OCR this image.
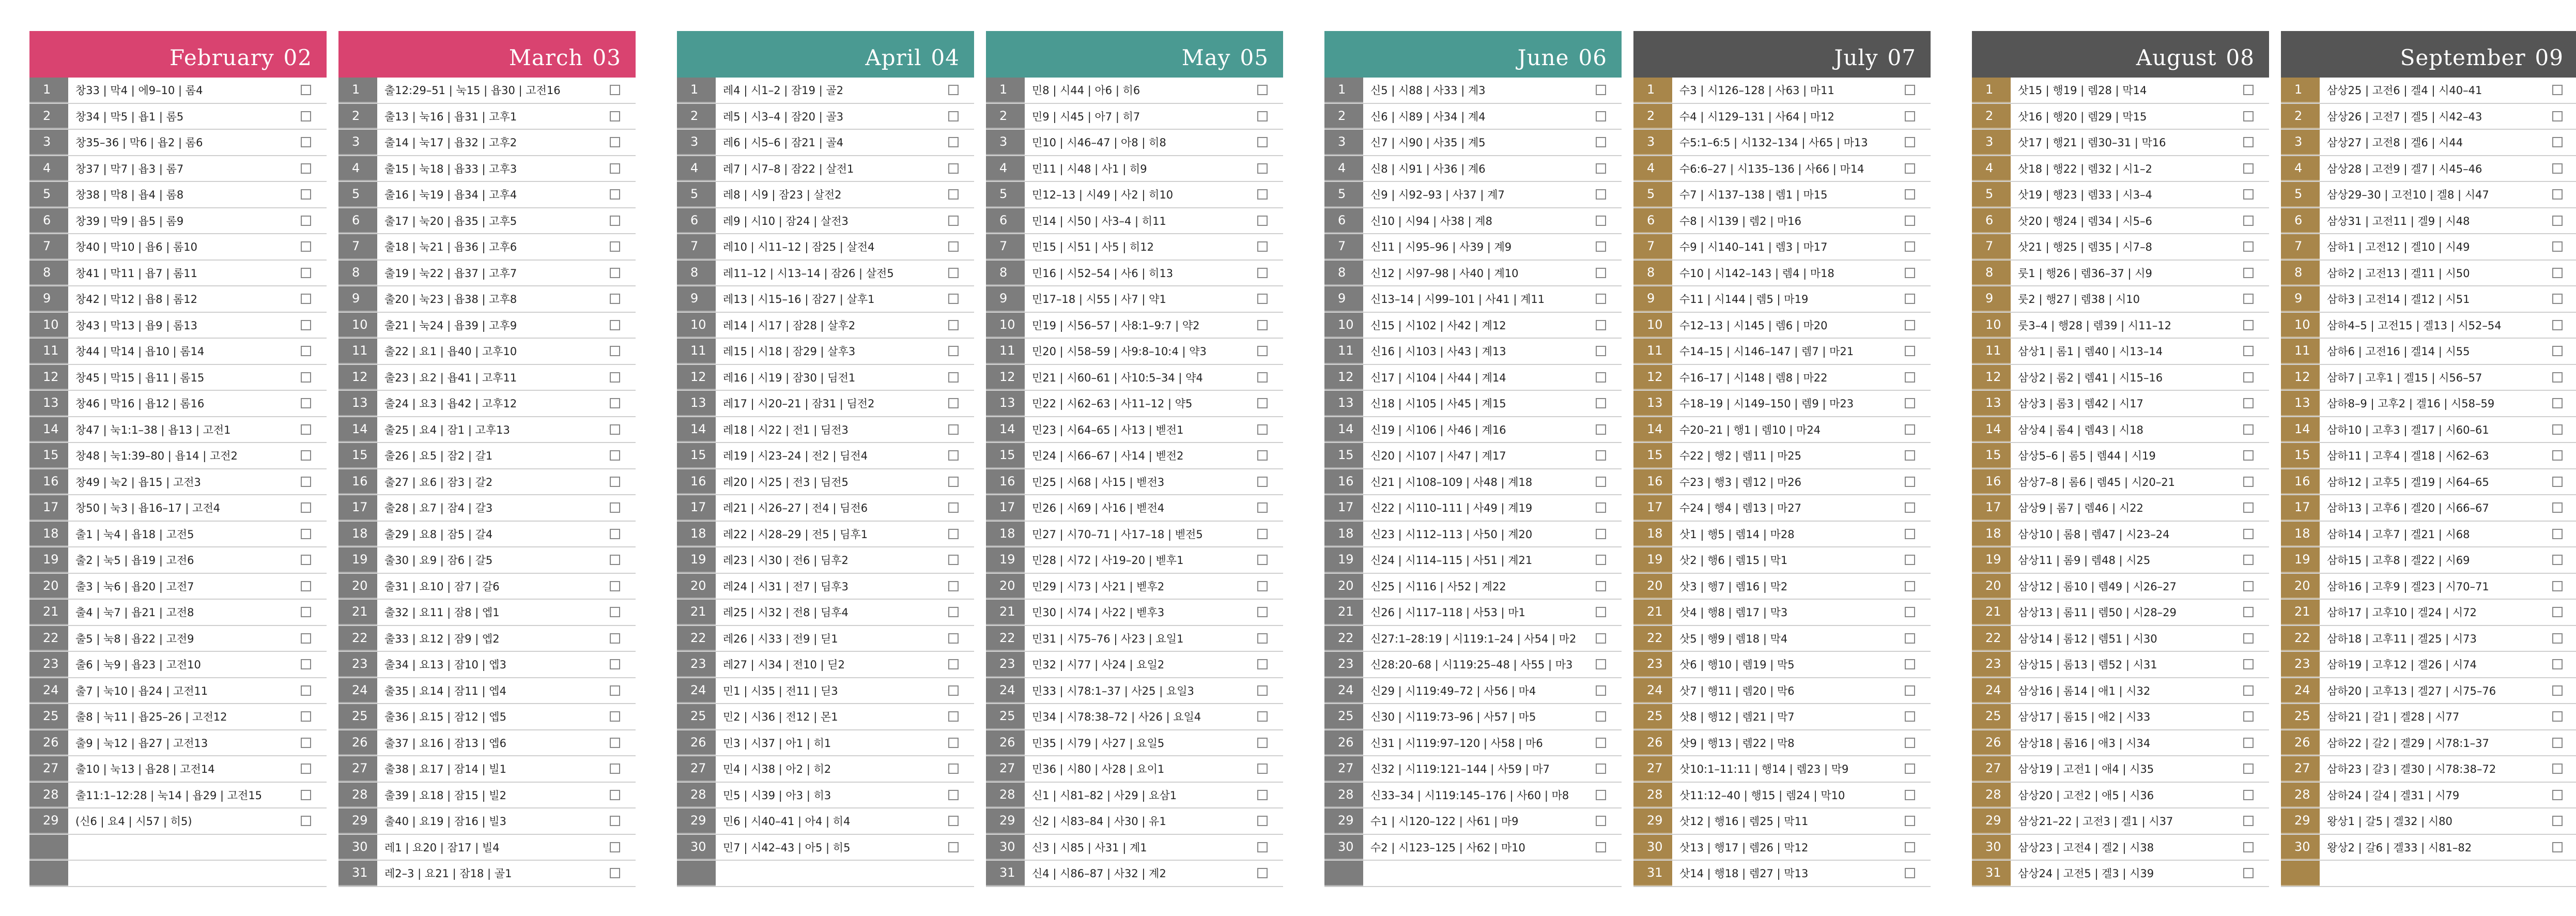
February 02
1	창33 | 막4 | 에9–10 | 롬4
2	창34 | 막5 | 욥1 | 롬5
3	창35–36 | 막6 | 욥2 | 롬6
4	창37 | 막7 | 욥3 | 롬7
5	창38 | 막8 | 욥4 | 롬8
6	창39 | 막9 | 욥5 | 롬9
7	창40 | 막10 | 욥6 | 롬10
8	창41 | 막11 | 욥7 | 롬11
9	창42 | 막12 | 욥8 | 롬12
10	창43 | 막13 | 욥9 | 롬13
11	창44 | 막14 | 욥10 | 롬14
12	창45 | 막15 | 욥11 | 롬15
13	창46 | 막16 | 욥12 | 롬16
14	창47 | 눅1:1–38 | 욥13 | 고전1
15	창48 | 눅1:39–80 | 욥14 | 고전2
16	창49 | 눅2 | 욥15 | 고전3
17	창50 | 눅3 | 욥16–17 | 고전4
18	출1 | 눅4 | 욥18 | 고전5
19	출2 | 눅5 | 욥19 | 고전6
20	출3 | 눅6 | 욥20 | 고전7
21	출4 | 눅7 | 욥21 | 고전8
22	출5 | 눅8 | 욥22 | 고전9
23	출6 | 눅9 | 욥23 | 고전10
24	출7 | 눅10 | 욥24 | 고전11
25	출8 | 눅11 | 욥25–26 | 고전12
26	출9 | 눅12 | 욥27 | 고전13
27	출10 | 눅13 | 욥28 | 고전14
28	출11:1–12:28 | 눅14 | 욥29 | 고전15
29	(신6 | 요4 | 시57 | 히5)
March 03
1	출12:29–51 | 눅15 | 욥30 | 고전16
2	출13 | 눅16 | 욥31 | 고후1
3	출14 | 눅17 | 욥32 | 고후2
4	출15 | 눅18 | 욥33 | 고후3
5	출16 | 눅19 | 욥34 | 고후4
6	출17 | 눅20 | 욥35 | 고후5
7	출18 | 눅21 | 욥36 | 고후6
8	출19 | 눅22 | 욥37 | 고후7
9	출20 | 눅23 | 욥38 | 고후8
10	출21 | 눅24 | 욥39 | 고후9
11	출22 | 요1 | 욥40 | 고후10
12	출23 | 요2 | 욥41 | 고후11
13	출24 | 요3 | 욥42 | 고후12
14	출25 | 요4 | 잠1 | 고후13
15	출26 | 요5 | 잠2 | 갈1
16	출27 | 요6 | 잠3 | 갈2
17	출28 | 요7 | 잠4 | 갈3
18	출29 | 요8 | 잠5 | 갈4
19	출30 | 요9 | 잠6 | 갈5
20	출31 | 요10 | 잠7 | 갈6
21	출32 | 요11 | 잠8 | 엡1
22	출33 | 요12 | 잠9 | 엡2
23	출34 | 요13 | 잠10 | 엡3
24	출35 | 요14 | 잠11 | 엡4
25	출36 | 요15 | 잠12 | 엡5
26	출37 | 요16 | 잠13 | 엡6
27	출38 | 요17 | 잠14 | 빌1
28	출39 | 요18 | 잠15 | 빌2
29	출40 | 요19 | 잠16 | 빌3
30	레1 | 요20 | 잠17 | 빌4
31	레2–3 | 요21 | 잠18 | 골1
April 04
1	레4 | 시1–2 | 잠19 | 골2
2	레5 | 시3–4 | 잠20 | 골3
3	레6 | 시5–6 | 잠21 | 골4
4	레7 | 시7–8 | 잠22 | 살전1
5	레8 | 시9 | 잠23 | 살전2
6	레9 | 시10 | 잠24 | 살전3
7	레10 | 시11–12 | 잠25 | 살전4
8	레11–12 | 시13–14 | 잠26 | 살전5
9	레13 | 시15–16 | 잠27 | 살후1
10	레14 | 시17 | 잠28 | 살후2
11	레15 | 시18 | 잠29 | 살후3
12	레16 | 시19 | 잠30 | 딤전1
13	레17 | 시20–21 | 잠31 | 딤전2
14	레18 | 시22 | 전1 | 딤전3
15	레19 | 시23–24 | 전2 | 딤전4
16	레20 | 시25 | 전3 | 딤전5
17	레21 | 시26–27 | 전4 | 딤전6
18	레22 | 시28–29 | 전5 | 딤후1
19	레23 | 시30 | 전6 | 딤후2
20	레24 | 시31 | 전7 | 딤후3
21	레25 | 시32 | 전8 | 딤후4
22	레26 | 시33 | 전9 | 딛1
23	레27 | 시34 | 전10 | 딛2
24	민1 | 시35 | 전11 | 딛3
25	민2 | 시36 | 전12 | 몬1
26	민3 | 시37 | 아1 | 히1
27	민4 | 시38 | 아2 | 히2
28	민5 | 시39 | 아3 | 히3
29	민6 | 시40–41 | 아4 | 히4
30	민7 | 시42–43 | 아5 | 히5
May 05
1	민8 | 시44 | 아6 | 히6
2	민9 | 시45 | 아7 | 히7
3	민10 | 시46–47 | 아8 | 히8
4	민11 | 시48 | 사1 | 히9
5	민12–13 | 시49 | 사2 | 히10
6	민14 | 시50 | 사3–4 | 히11
7	민15 | 시51 | 사5 | 히12
8	민16 | 시52–54 | 사6 | 히13
9	민17–18 | 시55 | 사7 | 약1
10	민19 | 시56–57 | 사8:1–9:7 | 약2
11	민20 | 시58–59 | 사9:8–10:4 | 약3
12	민21 | 시60–61 | 사10:5–34 | 약4
13	민22 | 시62–63 | 사11–12 | 약5
14	민23 | 시64–65 | 사13 | 벧전1
15	민24 | 시66–67 | 사14 | 벧전2
16	민25 | 시68 | 사15 | 벧전3
17	민26 | 시69 | 사16 | 벧전4
18	민27 | 시70–71 | 사17–18 | 벧전5
19	민28 | 시72 | 사19–20 | 벧후1
20	민29 | 시73 | 사21 | 벧후2
21	민30 | 시74 | 사22 | 벧후3
22	민31 | 시75–76 | 사23 | 요일1
23	민32 | 시77 | 사24 | 요일2
24	민33 | 시78:1–37 | 사25 | 요일3
25	민34 | 시78:38–72 | 사26 | 요일4
26	민35 | 시79 | 사27 | 요일5
27	민36 | 시80 | 사28 | 요이1
28	신1 | 시81–82 | 사29 | 요삼1
29	신2 | 시83–84 | 사30 | 유1
30	신3 | 시85 | 사31 | 계1
31	신4 | 시86–87 | 사32 | 계2
June 06
1	신5 | 시88 | 사33 | 계3
2	신6 | 시89 | 사34 | 계4
3	신7 | 시90 | 사35 | 계5
4	신8 | 시91 | 사36 | 계6
5	신9 | 시92–93 | 사37 | 계7
6	신10 | 시94 | 사38 | 계8
7	신11 | 시95–96 | 사39 | 계9
8	신12 | 시97–98 | 사40 | 계10
9	신13–14 | 시99–101 | 사41 | 계11
10	신15 | 시102 | 사42 | 계12
11	신16 | 시103 | 사43 | 계13
12	신17 | 시104 | 사44 | 계14
13	신18 | 시105 | 사45 | 계15
14	신19 | 시106 | 사46 | 계16
15	신20 | 시107 | 사47 | 계17
16	신21 | 시108–109 | 사48 | 계18
17	신22 | 시110–111 | 사49 | 계19
18	신23 | 시112–113 | 사50 | 계20
19	신24 | 시114–115 | 사51 | 계21
20	신25 | 시116 | 사52 | 계22
21	신26 | 시117–118 | 사53 | 마1
22	신27:1–28:19 | 시119:1–24 | 사54 | 마2
23	신28:20–68 | 시119:25–48 | 사55 | 마3
24	신29 | 시119:49–72 | 사56 | 마4
25	신30 | 시119:73–96 | 사57 | 마5
26	신31 | 시119:97–120 | 사58 | 마6
27	신32 | 시119:121–144 | 사59 | 마7
28	신33–34 | 시119:145–176 | 사60 | 마8
29	수1 | 시120–122 | 사61 | 마9
30	수2 | 시123–125 | 사62 | 마10
July 07
1	수3 | 시126–128 | 사63 | 마11
2	수4 | 시129–131 | 사64 | 마12
3	수5:1–6:5 | 시132–134 | 사65 | 마13
4	수6:6–27 | 시135–136 | 사66 | 마14
5	수7 | 시137–138 | 렘1 | 마15
6	수8 | 시139 | 렘2 | 마16
7	수9 | 시140–141 | 렘3 | 마17
8	수10 | 시142–143 | 렘4 | 마18
9	수11 | 시144 | 렘5 | 마19
10	수12–13 | 시145 | 렘6 | 마20
11	수14–15 | 시146–147 | 렘7 | 마21
12	수16–17 | 시148 | 렘8 | 마22
13	수18–19 | 시149–150 | 렘9 | 마23
14	수20–21 | 행1 | 렘10 | 마24
15	수22 | 행2 | 렘11 | 마25
16	수23 | 행3 | 렘12 | 마26
17	수24 | 행4 | 렘13 | 마27
18	삿1 | 행5 | 렘14 | 마28
19	삿2 | 행6 | 렘15 | 막1
20	삿3 | 행7 | 렘16 | 막2
21	삿4 | 행8 | 렘17 | 막3
22	삿5 | 행9 | 렘18 | 막4
23	삿6 | 행10 | 렘19 | 막5
24	삿7 | 행11 | 렘20 | 막6
25	삿8 | 행12 | 렘21 | 막7
26	삿9 | 행13 | 렘22 | 막8
27	삿10:1–11:11 | 행14 | 렘23 | 막9
28	삿11:12–40 | 행15 | 렘24 | 막10
29	삿12 | 행16 | 렘25 | 막11
30	삿13 | 행17 | 렘26 | 막12
31	삿14 | 행18 | 렘27 | 막13
August 08
1	삿15 | 행19 | 렘28 | 막14
2	삿16 | 행20 | 렘29 | 막15
3	삿17 | 행21 | 렘30–31 | 막16
4	삿18 | 행22 | 렘32 | 시1–2
5	삿19 | 행23 | 렘33 | 시3–4
6	삿20 | 행24 | 렘34 | 시5–6
7	삿21 | 행25 | 렘35 | 시7–8
8	룻1 | 행26 | 렘36–37 | 시9
9	룻2 | 행27 | 렘38 | 시10
10	룻3–4 | 행28 | 렘39 | 시11–12
11	삼상1 | 롬1 | 렘40 | 시13–14
12	삼상2 | 롬2 | 렘41 | 시15–16
13	삼상3 | 롬3 | 렘42 | 시17
14	삼상4 | 롬4 | 렘43 | 시18
15	삼상5–6 | 롬5 | 렘44 | 시19
16	삼상7–8 | 롬6 | 렘45 | 시20–21
17	삼상9 | 롬7 | 렘46 | 시22
18	삼상10 | 롬8 | 렘47 | 시23–24
19	삼상11 | 롬9 | 렘48 | 시25
20	삼상12 | 롬10 | 렘49 | 시26–27
21	삼상13 | 롬11 | 렘50 | 시28–29
22	삼상14 | 롬12 | 렘51 | 시30
23	삼상15 | 롬13 | 렘52 | 시31
24	삼상16 | 롬14 | 애1 | 시32
25	삼상17 | 롬15 | 애2 | 시33
26	삼상18 | 롬16 | 애3 | 시34
27	삼상19 | 고전1 | 애4 | 시35
28	삼상20 | 고전2 | 애5 | 시36
29	삼상21–22 | 고전3 | 겔1 | 시37
30	삼상23 | 고전4 | 겔2 | 시38
31	삼상24 | 고전5 | 겔3 | 시39
September 09
1	삼상25 | 고전6 | 겔4 | 시40–41
2	삼상26 | 고전7 | 겔5 | 시42–43
3	삼상27 | 고전8 | 겔6 | 시44
4	삼상28 | 고전9 | 겔7 | 시45–46
5	삼상29–30 | 고전10 | 겔8 | 시47
6	삼상31 | 고전11 | 겔9 | 시48
7	삼하1 | 고전12 | 겔10 | 시49
8	삼하2 | 고전13 | 겔11 | 시50
9	삼하3 | 고전14 | 겔12 | 시51
10	삼하4–5 | 고전15 | 겔13 | 시52–54
11	삼하6 | 고전16 | 겔14 | 시55
12	삼하7 | 고후1 | 겔15 | 시56–57
13	삼하8–9 | 고후2 | 겔16 | 시58–59
14	삼하10 | 고후3 | 겔17 | 시60–61
15	삼하11 | 고후4 | 겔18 | 시62–63
16	삼하12 | 고후5 | 겔19 | 시64–65
17	삼하13 | 고후6 | 겔20 | 시66–67
18	삼하14 | 고후7 | 겔21 | 시68
19	삼하15 | 고후8 | 겔22 | 시69
20	삼하16 | 고후9 | 겔23 | 시70–71
21	삼하17 | 고후10 | 겔24 | 시72
22	삼하18 | 고후11 | 겔25 | 시73
23	삼하19 | 고후12 | 겔26 | 시74
24	삼하20 | 고후13 | 겔27 | 시75–76
25	삼하21 | 갈1 | 겔28 | 시77
26	삼하22 | 갈2 | 겔29 | 시78:1–37
27	삼하23 | 갈3 | 겔30 | 시78:38–72
28	삼하24 | 갈4 | 겔31 | 시79
29	왕상1 | 갈5 | 겔32 | 시80
30	왕상2 | 갈6 | 겔33 | 시81–82
